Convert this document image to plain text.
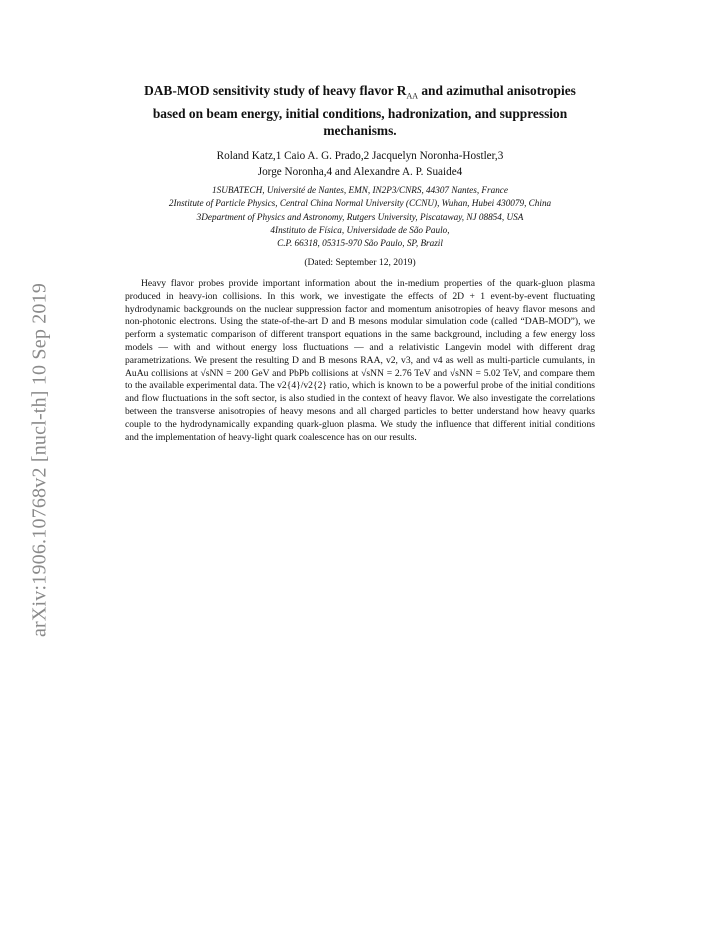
arXiv:1906.10768v2 [nucl-th] 10 Sep 2019
DAB-MOD sensitivity study of heavy flavor $R_{AA}$ and azimuthal anisotropies
based on beam energy, initial conditions, hadronization, and suppression
mechanisms.
Roland Katz,1 Caio A. G. Prado,2 Jacquelyn Noronha-Hostler,3
Jorge Noronha,4 and Alexandre A. P. Suaide4
1SUBATECH, Université de Nantes, EMN, IN2P3/CNRS, 44307 Nantes, France
2Institute of Particle Physics, Central China Normal University (CCNU), Wuhan, Hubei 430079, China
3Department of Physics and Astronomy, Rutgers University, Piscataway, NJ 08854, USA
4Instituto de Física, Universidade de São Paulo,
C.P. 66318, 05315-970 São Paulo, SP, Brazil
(Dated: September 12, 2019)
Heavy flavor probes provide important information about the in-medium properties of the quark-gluon plasma produced in heavy-ion collisions. In this work, we investigate the effects of 2D + 1 event-by-event fluctuating hydrodynamic backgrounds on the nuclear suppression factor and momentum anisotropies of heavy flavor mesons and non-photonic electrons. Using the state-of-the-art D and B mesons modular simulation code (called “DAB-MOD”), we perform a systematic comparison of different transport equations in the same background, including a few energy loss models — with and without energy loss fluctuations — and a relativistic Langevin model with different drag parametrizations. We present the resulting D and B mesons RAA, v2, v3, and v4 as well as multi-particle cumulants, in AuAu collisions at √sNN = 200 GeV and PbPb collisions at √sNN = 2.76 TeV and √sNN = 5.02 TeV, and compare them to the available experimental data. The v2{4}/v2{2} ratio, which is known to be a powerful probe of the initial conditions and flow fluctuations in the soft sector, is also studied in the context of heavy flavor. We also investigate the correlations between the transverse anisotropies of heavy mesons and all charged particles to better understand how heavy quarks couple to the hydrodynamically expanding quark-gluon plasma. We study the influence that different initial conditions and the implementation of heavy-light quark coalescence has on our results.
